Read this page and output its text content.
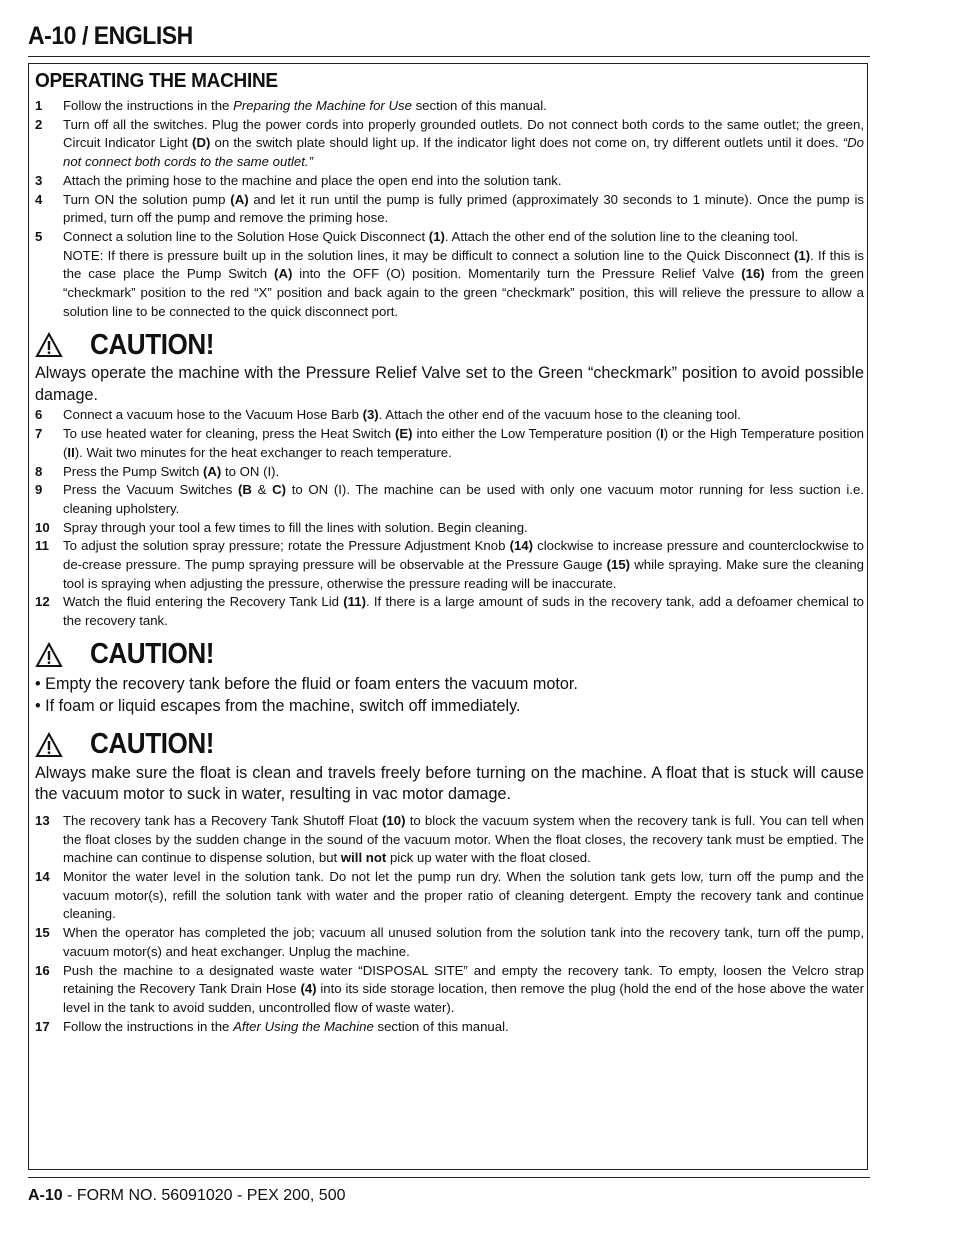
A-10 / ENGLISH
OPERATING THE MACHINE
1	Follow the instructions in the Preparing the Machine for Use section of this manual.
2	Turn off all the switches. Plug the power cords into properly grounded outlets. Do not connect both cords to the same outlet; the green, Circuit Indicator Light (D) on the switch plate should light up. If the indicator light does not come on, try different outlets until it does. “Do not connect both cords to the same outlet.”
3	Attach the priming hose to the machine and place the open end into the solution tank.
4	Turn ON the solution pump (A) and let it run until the pump is fully primed (approximately 30 seconds to 1 minute). Once the pump is primed, turn off the pump and remove the priming hose.
5	Connect a solution line to the Solution Hose Quick Disconnect (1). Attach the other end of the solution line to the cleaning tool.
NOTE: If there is pressure built up in the solution lines, it may be difficult to connect a solution line to the Quick Disconnect (1). If this is the case place the Pump Switch (A) into the OFF (O) position. Momentarily turn the Pressure Relief Valve (16) from the green “checkmark” position to the red “X” position and back again to the green “checkmark” position, this will relieve the pressure to allow a solution line to be connected to the quick disconnect port.
CAUTION!
Always operate the machine with the Pressure Relief Valve set to the Green “checkmark” position to avoid possible damage.
6	Connect a vacuum hose to the Vacuum Hose Barb (3). Attach the other end of the vacuum hose to the cleaning tool.
7	To use heated water for cleaning, press the Heat Switch (E) into either the Low Temperature position (I) or the High Temperature position (II). Wait two minutes for the heat exchanger to reach temperature.
8	Press the Pump Switch (A) to ON (I).
9	Press the Vacuum Switches (B & C) to ON (I). The machine can be used with only one vacuum motor running for less suction i.e. cleaning upholstery.
10	Spray through your tool a few times to fill the lines with solution. Begin cleaning.
11	To adjust the solution spray pressure; rotate the Pressure Adjustment Knob (14) clockwise to increase pressure and counterclockwise to de-crease pressure. The pump spraying pressure will be observable at the Pressure Gauge (15) while spraying. Make sure the cleaning tool is spraying when adjusting the pressure, otherwise the pressure reading will be inaccurate.
12	Watch the fluid entering the Recovery Tank Lid (11). If there is a large amount of suds in the recovery tank, add a defoamer chemical to the recovery tank.
CAUTION!
• Empty the recovery tank before the fluid or foam enters the vacuum motor.
• If foam or liquid escapes from the machine, switch off immediately.
CAUTION!
Always make sure the float is clean and travels freely before turning on the machine. A float that is stuck will cause the vacuum motor to suck in water, resulting in vac motor damage.
13	The recovery tank has a Recovery Tank Shutoff Float (10) to block the vacuum system when the recovery tank is full. You can tell when the float closes by the sudden change in the sound of the vacuum motor. When the float closes, the recovery tank must be emptied. The machine can continue to dispense solution, but will not pick up water with the float closed.
14	Monitor the water level in the solution tank. Do not let the pump run dry. When the solution tank gets low, turn off the pump and the vacuum motor(s), refill the solution tank with water and the proper ratio of cleaning detergent. Empty the recovery tank and continue cleaning.
15	When the operator has completed the job; vacuum all unused solution from the solution tank into the recovery tank, turn off the pump, vacuum motor(s) and heat exchanger. Unplug the machine.
16	Push the machine to a designated waste water “DISPOSAL SITE” and empty the recovery tank. To empty, loosen the Velcro strap retaining the Recovery Tank Drain Hose (4) into its side storage location, then remove the plug (hold the end of the hose above the water level in the tank to avoid sudden, uncontrolled flow of waste water).
17	Follow the instructions in the After Using the Machine section of this manual.
A-10 - FORM NO. 56091020 - PEX 200, 500
